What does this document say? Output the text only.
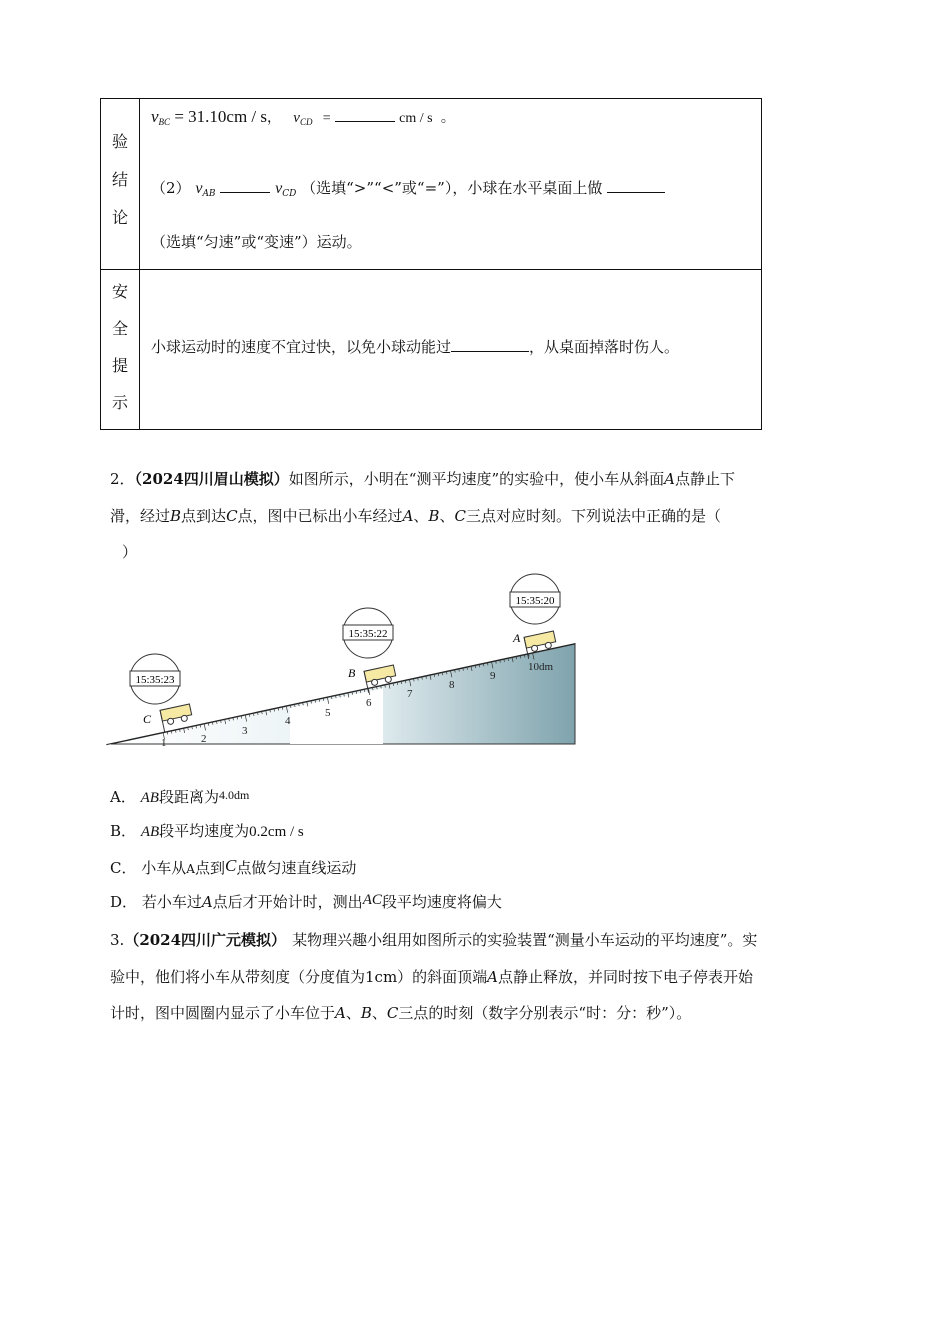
验
结
论
安
全
提
示
$v_{BC} = 31.10cm / s$， $v_{CD}$ =	cm / s 。
（2） $v_{AB}$	$v_{CD}$ （选填“>”“<”或“=”），小球在水平桌面上做
（选填“匀速”或“变速”）运动。
小球运动时的速度不宜过快，以免小球动能过	，从桌面掉落时伤人。
2．（2024四川眉山模拟）如图所示，小明在“测平均速度”的实验中，使小车从斜面A点静止下
滑，经过B点到达C点，图中已标出小车经过A、B、C三点对应时刻。下列说法中正确的是（
）
15:35:23
15:35:22
15:35:20
C
B
A
1	2
3
4
5
6
7
8
9
10dm
A． AB段距离为$^{4.0dm}$
B． AB段平均速度为0.2cm / s
C． 小车从A点到C点做匀速直线运动
D． 若小车过A点后才开始计时，测出AC段平均速度将偏大
3.（2024四川广元模拟） 某物理兴趣小组用如图所示的实验装置“测量小车运动的平均速度”。实
验中，他们将小车从带刻度（分度值为1cm）的斜面顶端A点静止释放，并同时按下电子停表开始
计时，图中圆圈内显示了小车位于A、B、C三点的时刻（数字分别表示“时：分：秒”）。
